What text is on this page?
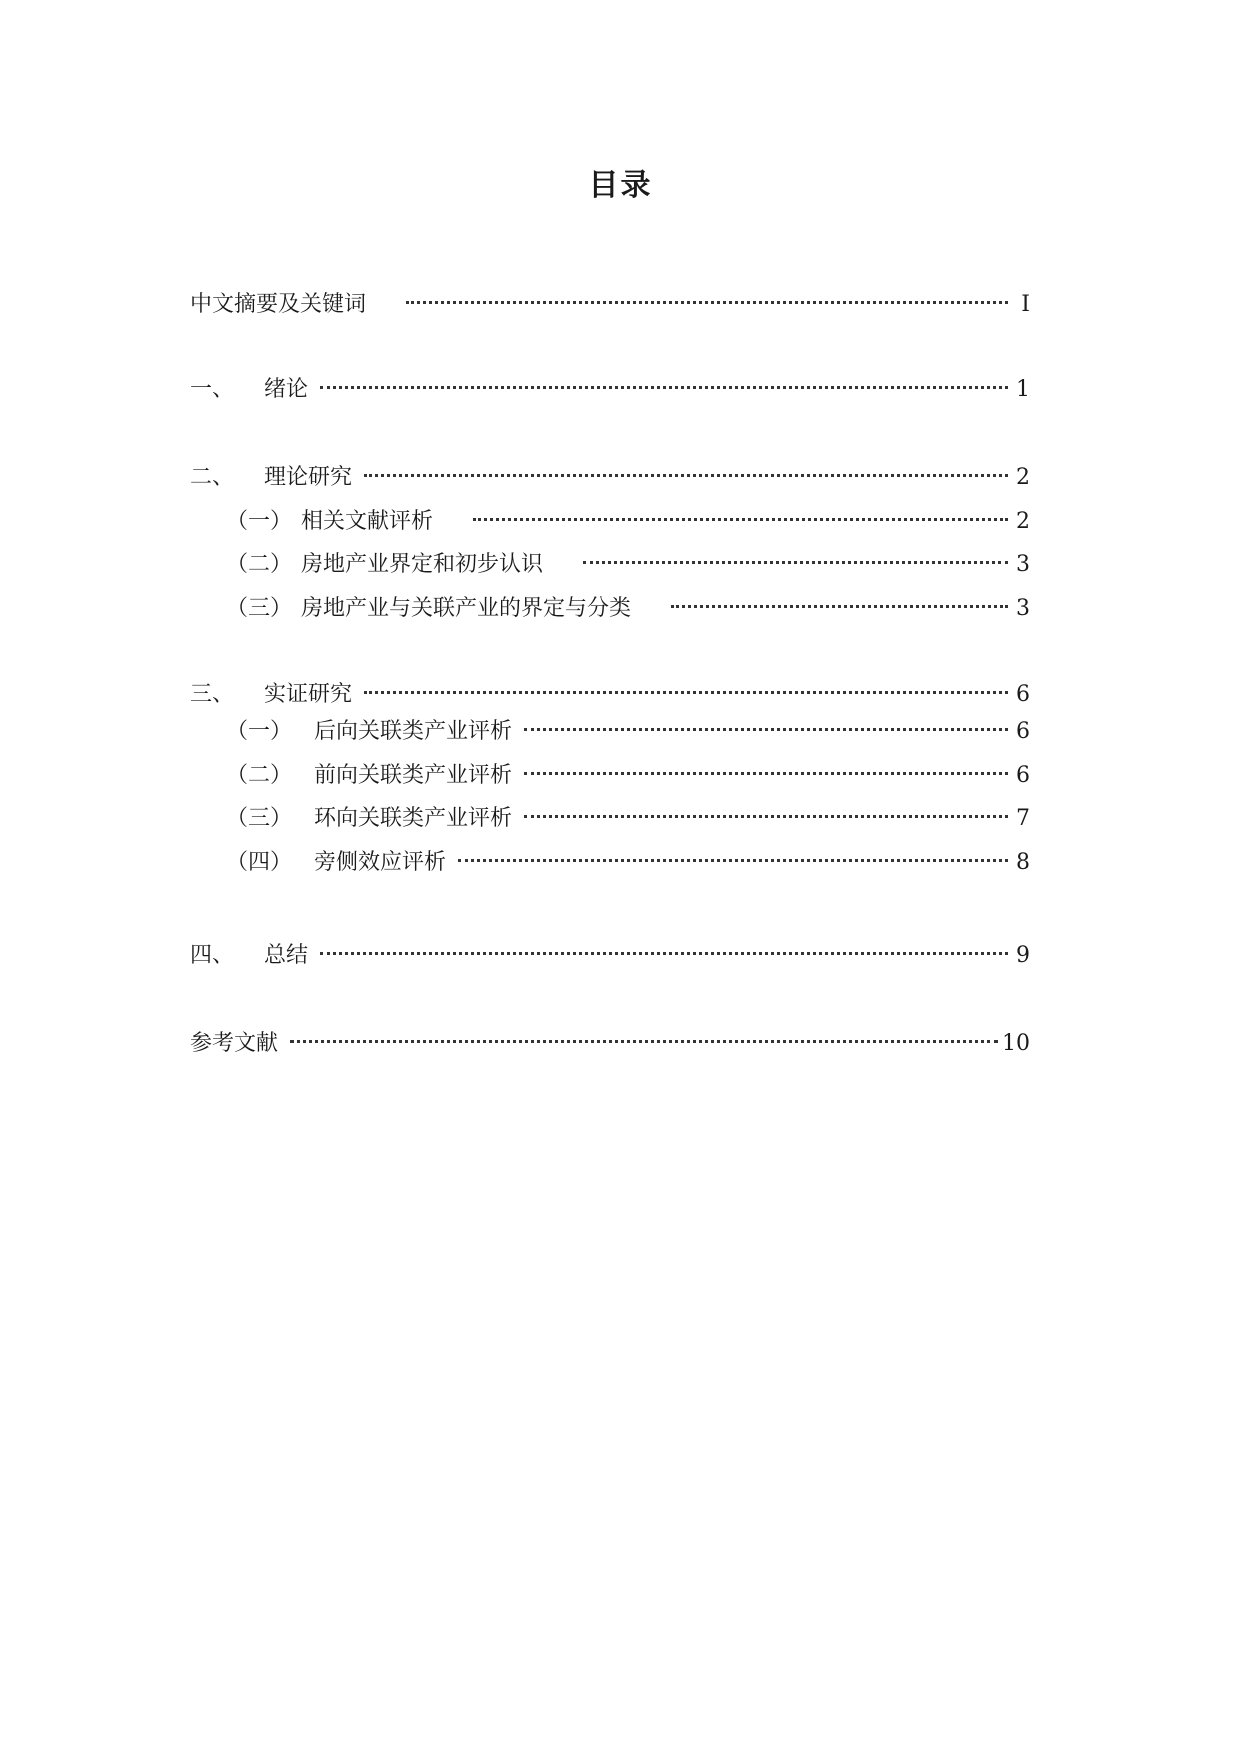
目录
中文摘要及关键词	I
一、	绪论	1
二、	理论研究	2
（一） 相关文献评析	2
（二） 房地产业界定和初步认识	3
（三） 房地产业与关联产业的界定与分类	3
三、	实证研究	6
（一） 后向关联类产业评析	6
（二） 前向关联类产业评析	6
（三） 环向关联类产业评析	7
（四） 旁侧效应评析	8
四、	总结	9
参考文献	10
